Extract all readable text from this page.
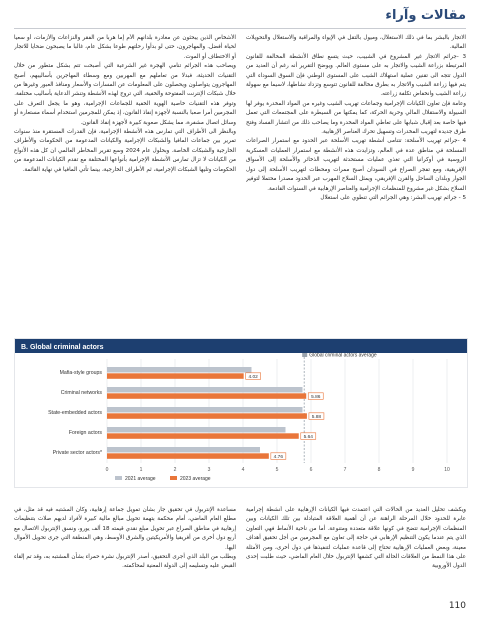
مقالات وآراء

الاتجار بالبشر بما في ذلك الاستغلال، وميول بالتقل في الإيواء والمراقبة والاستغلال والتحويلات المالية.

3 -جرائم الاتجار غير المشروع في الشبيب، حيث يتسع نطاق الأنشطة المخالفة للقانون المرتبطة بزراعة الشيب والاتجار به على مستوى العالم. ويوضح التقرير أنه رغم أن العديد من الدول تتجه الى تقنين عملية استهلاك الشيب على المستوى الوطني فإن السوق السوداء التي يتم فيها زراعة الشيب والاتجار به بطرق مخالفة للقانون تتوسع وتزداد نشاطها، لاسيما مع سهولة زراعة الشيب وانخفاض تكلفة زراعته.

وعامة فإن تعاون الكيانات الإجرامية وجماعات تهريب الشيب وغيره من المواد المخدرة يوفر لها السيولة والاستقلال المالي وحرية الحركة، كما يمكنها من السيطرة على المجتمعات التي تعمل فيها خاصة بعد إقبال شبابها على تعاطي المواد المخدرة وما يصاحب ذلك من انتشار الفساد وفتح طرق جديدة لتهريب المخدرات وتسهيل تحرك العناصر الإرهابية.

4 -جرائم تهريب الأسلحة: تتنامى أنشطة تهريب الأسلحة عبر الحدود مع استمرار الصراعات المسلحة في مناطق عدة في العالم، وتزايدت هذه الأنشطة مع استمرار العمليات العسكرية الروسية في أوكرانيا التي تغذي عمليات مستحدثة لتهريب الذخائر والأسلحة إلى الأسواق الإفريقية، ومع تفجر الصراع في السودان أصبح ممرات ومحطات لتهريب الأسلحة إلى دول الجوار وبلدان الساحل والقرن الإفريقي، ويمثل السلاح المهرب عبر الحدود مصدرا محتملا لتوفير السلاح بشكل غير مشروع للمنظمات الإجرامية والعناصر الإرهابية في السنوات القادمة.

5 - جرائم تهريب البشر: وهي الجرائم التي تنطوي على استغلال

الأشخاص الذين يبحثون عن مغادرة بلدانهم الأم إما هربا من الفقر والنزاعات والأزمات، أو سعيا لحياة أفضل. والمهاجرون، حتى لو بدأوا رحلتهم طوعا بشكل عام، غالبا ما يصبحون ضحايا للاتجار أو الاختطاف أو الموت.

ويصاحب هذه الجرائم تنامي الهجرة غير الشرعية التي أصبحت تتم بشكل متطور من خلال التقنيات الحديثة، فبدلا من تعاملهم مع المهربين ومع وسطاء المهاجرين بأساليبهم، أصبح المهاجرون يتواصلون ويحصلون على المعلومات عن المسارات والأسعار ومنافذ العبور وغيرها من خلال شبكات الإنترنت المفتوحة والخفية، التي تروج لهذه الأنشطة وتنشر الدعاية بأساليب مختلفة.

وتوفر هذه التقنيات خاصية الهوية الخفية للجماعات الإجرامية، وهو ما يجعل التعرف على المجرمين أمرا صعبا بالنسبة لأجهزة إنفاذ القانون، إذ يمكن للمجرمين استخدام أسماء مستعارة أو وسائل اتصال مشفرة، مما يشكل صعوبة كبيرة لأجهزة إنفاذ القانون.

وبالنظر الى الأطراف التي تمارس هذه الأنشطة الإجرامية، فإن القدرات المستقرة منذ سنوات تمرير بين جماعات المافيا والشبكات الإجرامية والكيانات المدعومة من الحكومات والأطراف الخارجية والشبكات الخاصة. وبحلول عام 2024 وسع تقرير المخاطر العالمي ان كل هذه الأنواع من الكيانات لا تزال تمارس الأنشطة الإجرامية بأنواعها المختلفة مع تقدم الكيانات المدعومة من الحكومات وتليها الشبكات الإجرامية، ثم الأطراف الخارجية، بينما تأتي المافيا في نهاية القائمة.

B. Global criminal actors
0	1	2	3	4	5	6	7	8	9	10
Global criminal actors average
Mafia-style groups
4.02
Criminal networks
5.86
State-embedded actors
5.88
Foreign actors
5.64
Private sector actors*
4.76
2021 average	2023 average

ويكشف تحليل العديد من الحالات التي اعتمدت فيها الكيانات الإرهابية على أنشطة إجرامية عابرة للحدود خلال المرحلة الراهنة عن أن أهمية العلاقة المتبادلة بين تلك الكيانات وبين المنظمات الإجرامية تتضح في كونها علاقة متعددة ومتنوعة. أما من ناحية الأنماط فهي التعاون الذي يتم عندما يكون التنظيم الإرهابي في حاجة إلى تعاون مع المجرمين من أجل تحقيق أهداف معينة، وبعض العمليات الإرهابية تحتاج إلى قاعدة عمليات لتنفيذها في دول أخرى، ومن الأمثلة على هذا النمط من العلاقات الحالة التي كشفها الإنتربول خلال العام الماضي، حيث طلبت إحدى الدول الأوروبية

مساعدة الإنتربول في تحقيق جار بشأن تمويل جماعة إرهابية، وكان المشتبه فيه قد مثل، في مطلع العام الماضي، أمام محكمة بتهمة تحويل مبالغ مالية كبيرة لأفراد لديهم صلات بتنظيمات إرهابية في مناطق الصراع عبر تحويل مبلغ نقدي قيمته 18 ألف يورو، ونسق الإنتربول الاتصال مع أربع دول أخرى من أفريقيا والأمريكيتين والشرق الأوسط، وهي المنطقة التي جرى تحويل الأموال اليها.

وبطلب من البلد الذي أجرى التحقيق، أصدر الإنتربول نشرة حمراء بشأن المشتبه به، وقد تم إلقاء القبض عليه وتسليمه إلى الدولة المعنية لمحاكمته.

110
